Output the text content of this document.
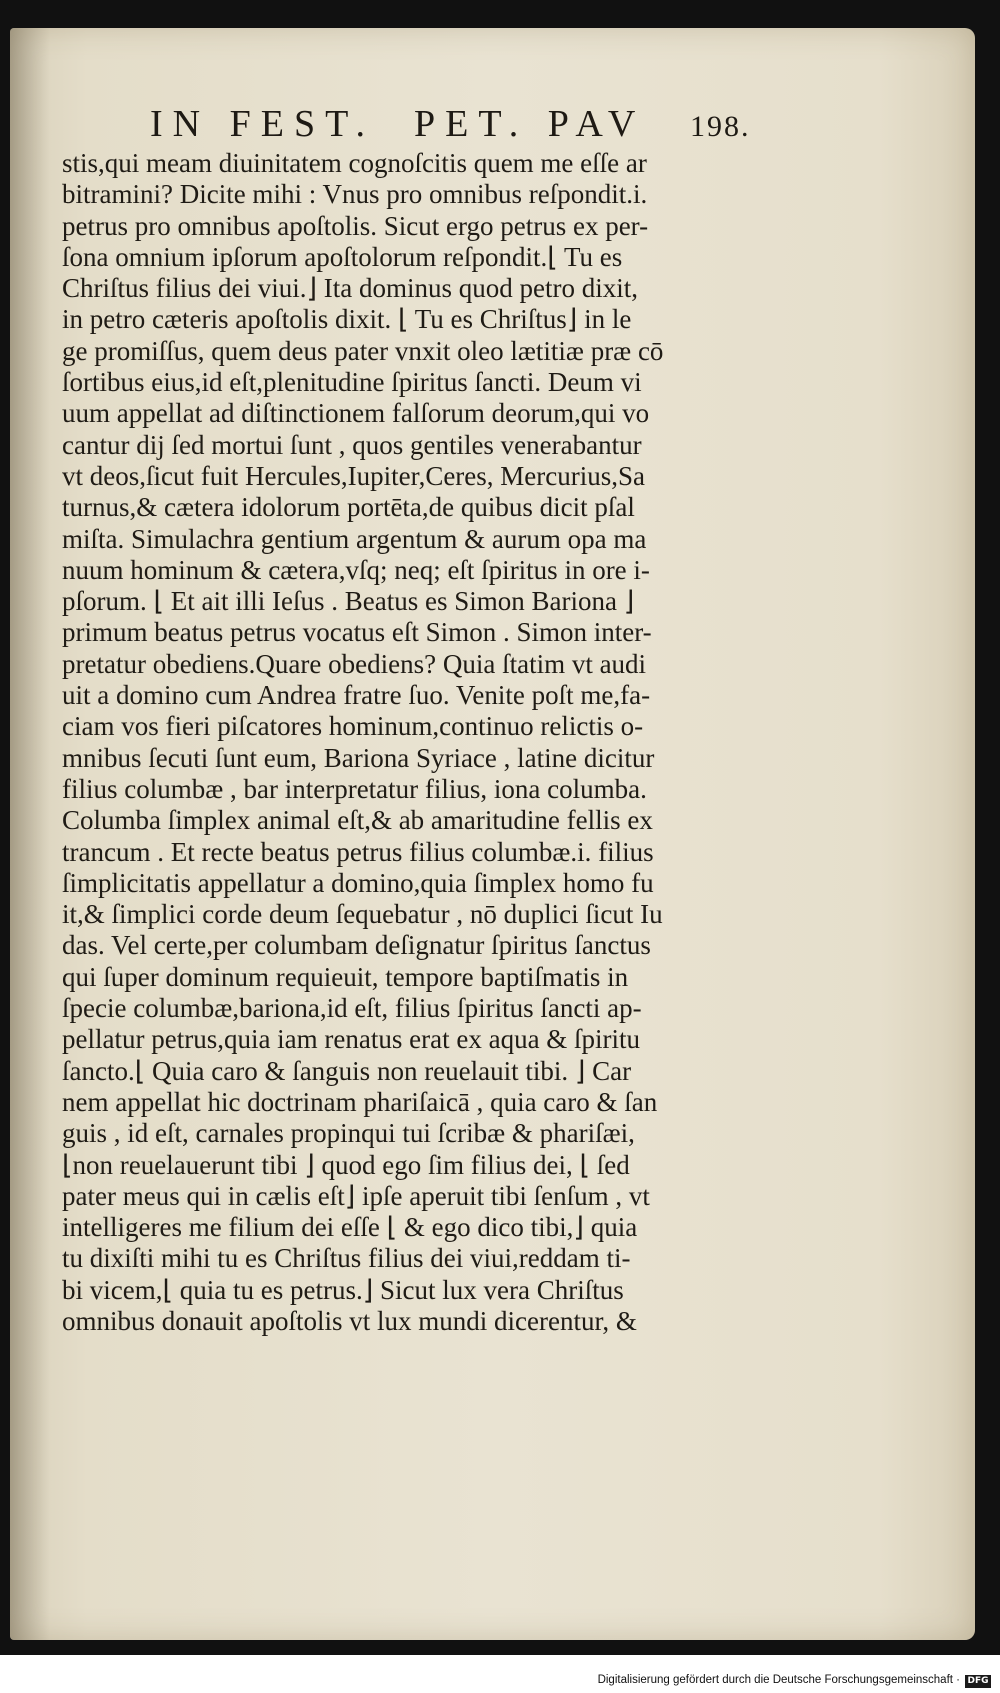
IN FEST.  PET. PAV	198.
stis,qui meam diuinitatem cognoſcitis quem me eſſe ar
bitramini? Dicite mihi : Vnus pro omnibus reſpondit.i.
petrus pro omnibus apoſtolis. Sicut ergo petrus ex per-
ſona omnium ipſorum apoſtolorum reſpondit.⌊ Tu es
Chriſtus filius dei viui.⌋ Ita dominus quod petro dixit,
in petro cæteris apoſtolis dixit. ⌊ Tu es Chriſtus⌋ in le
ge promiſſus, quem deus pater vnxit oleo lætitiæ præ cō
ſortibus eius,id eſt,plenitudine ſpiritus ſancti. Deum vi
uum appellat ad diſtinctionem falſorum deorum,qui vo
cantur dij ſed mortui ſunt , quos gentiles venerabantur
vt deos,ſicut fuit Hercules,Iupiter,Ceres, Mercurius,Sa
turnus,& cætera idolorum portēta,de quibus dicit pſal
miſta. Simulachra gentium argentum & aurum opa ma
nuum hominum & cætera,vſq; neq; eſt ſpiritus in ore i-
pſorum. ⌊ Et ait illi Ieſus . Beatus es Simon Bariona ⌋
primum beatus petrus vocatus eſt Simon . Simon inter-
pretatur obediens.Quare obediens? Quia ſtatim vt audi
uit a domino cum Andrea fratre ſuo. Venite poſt me,fa-
ciam vos fieri piſcatores hominum,continuo relictis o-
mnibus ſecuti ſunt eum, Bariona Syriace , latine dicitur
filius columbæ , bar interpretatur filius, iona columba.
Columba ſimplex animal eſt,& ab amaritudine fellis ex
trancum . Et recte beatus petrus filius columbæ.i. filius
ſimplicitatis appellatur a domino,quia ſimplex homo fu
it,& ſimplici corde deum ſequebatur , nō duplici ſicut Iu
das. Vel certe,per columbam deſignatur ſpiritus ſanctus
qui ſuper dominum requieuit, tempore baptiſmatis in
ſpecie columbæ,bariona,id eſt, filius ſpiritus ſancti ap-
pellatur petrus,quia iam renatus erat ex aqua & ſpiritu
ſancto.⌊ Quia caro & ſanguis non reuelauit tibi. ⌋ Car
nem appellat hic doctrinam phariſaicā , quia caro & ſan
guis , id eſt, carnales propinqui tui ſcribæ & phariſæi,
⌊non reuelauerunt tibi ⌋ quod ego ſim filius dei, ⌊ ſed
pater meus qui in cælis eſt⌋ ipſe aperuit tibi ſenſum , vt
intelligeres me filium dei eſſe ⌊ & ego dico tibi,⌋ quia
tu dixiſti mihi tu es Chriſtus filius dei viui,reddam ti-
bi vicem,⌊ quia tu es petrus.⌋ Sicut lux vera Chriſtus
omnibus donauit apoſtolis vt lux mundi dicerentur, &
Digitalisierung gefördert durch die Deutsche Forschungsgemeinschaft · DFG
